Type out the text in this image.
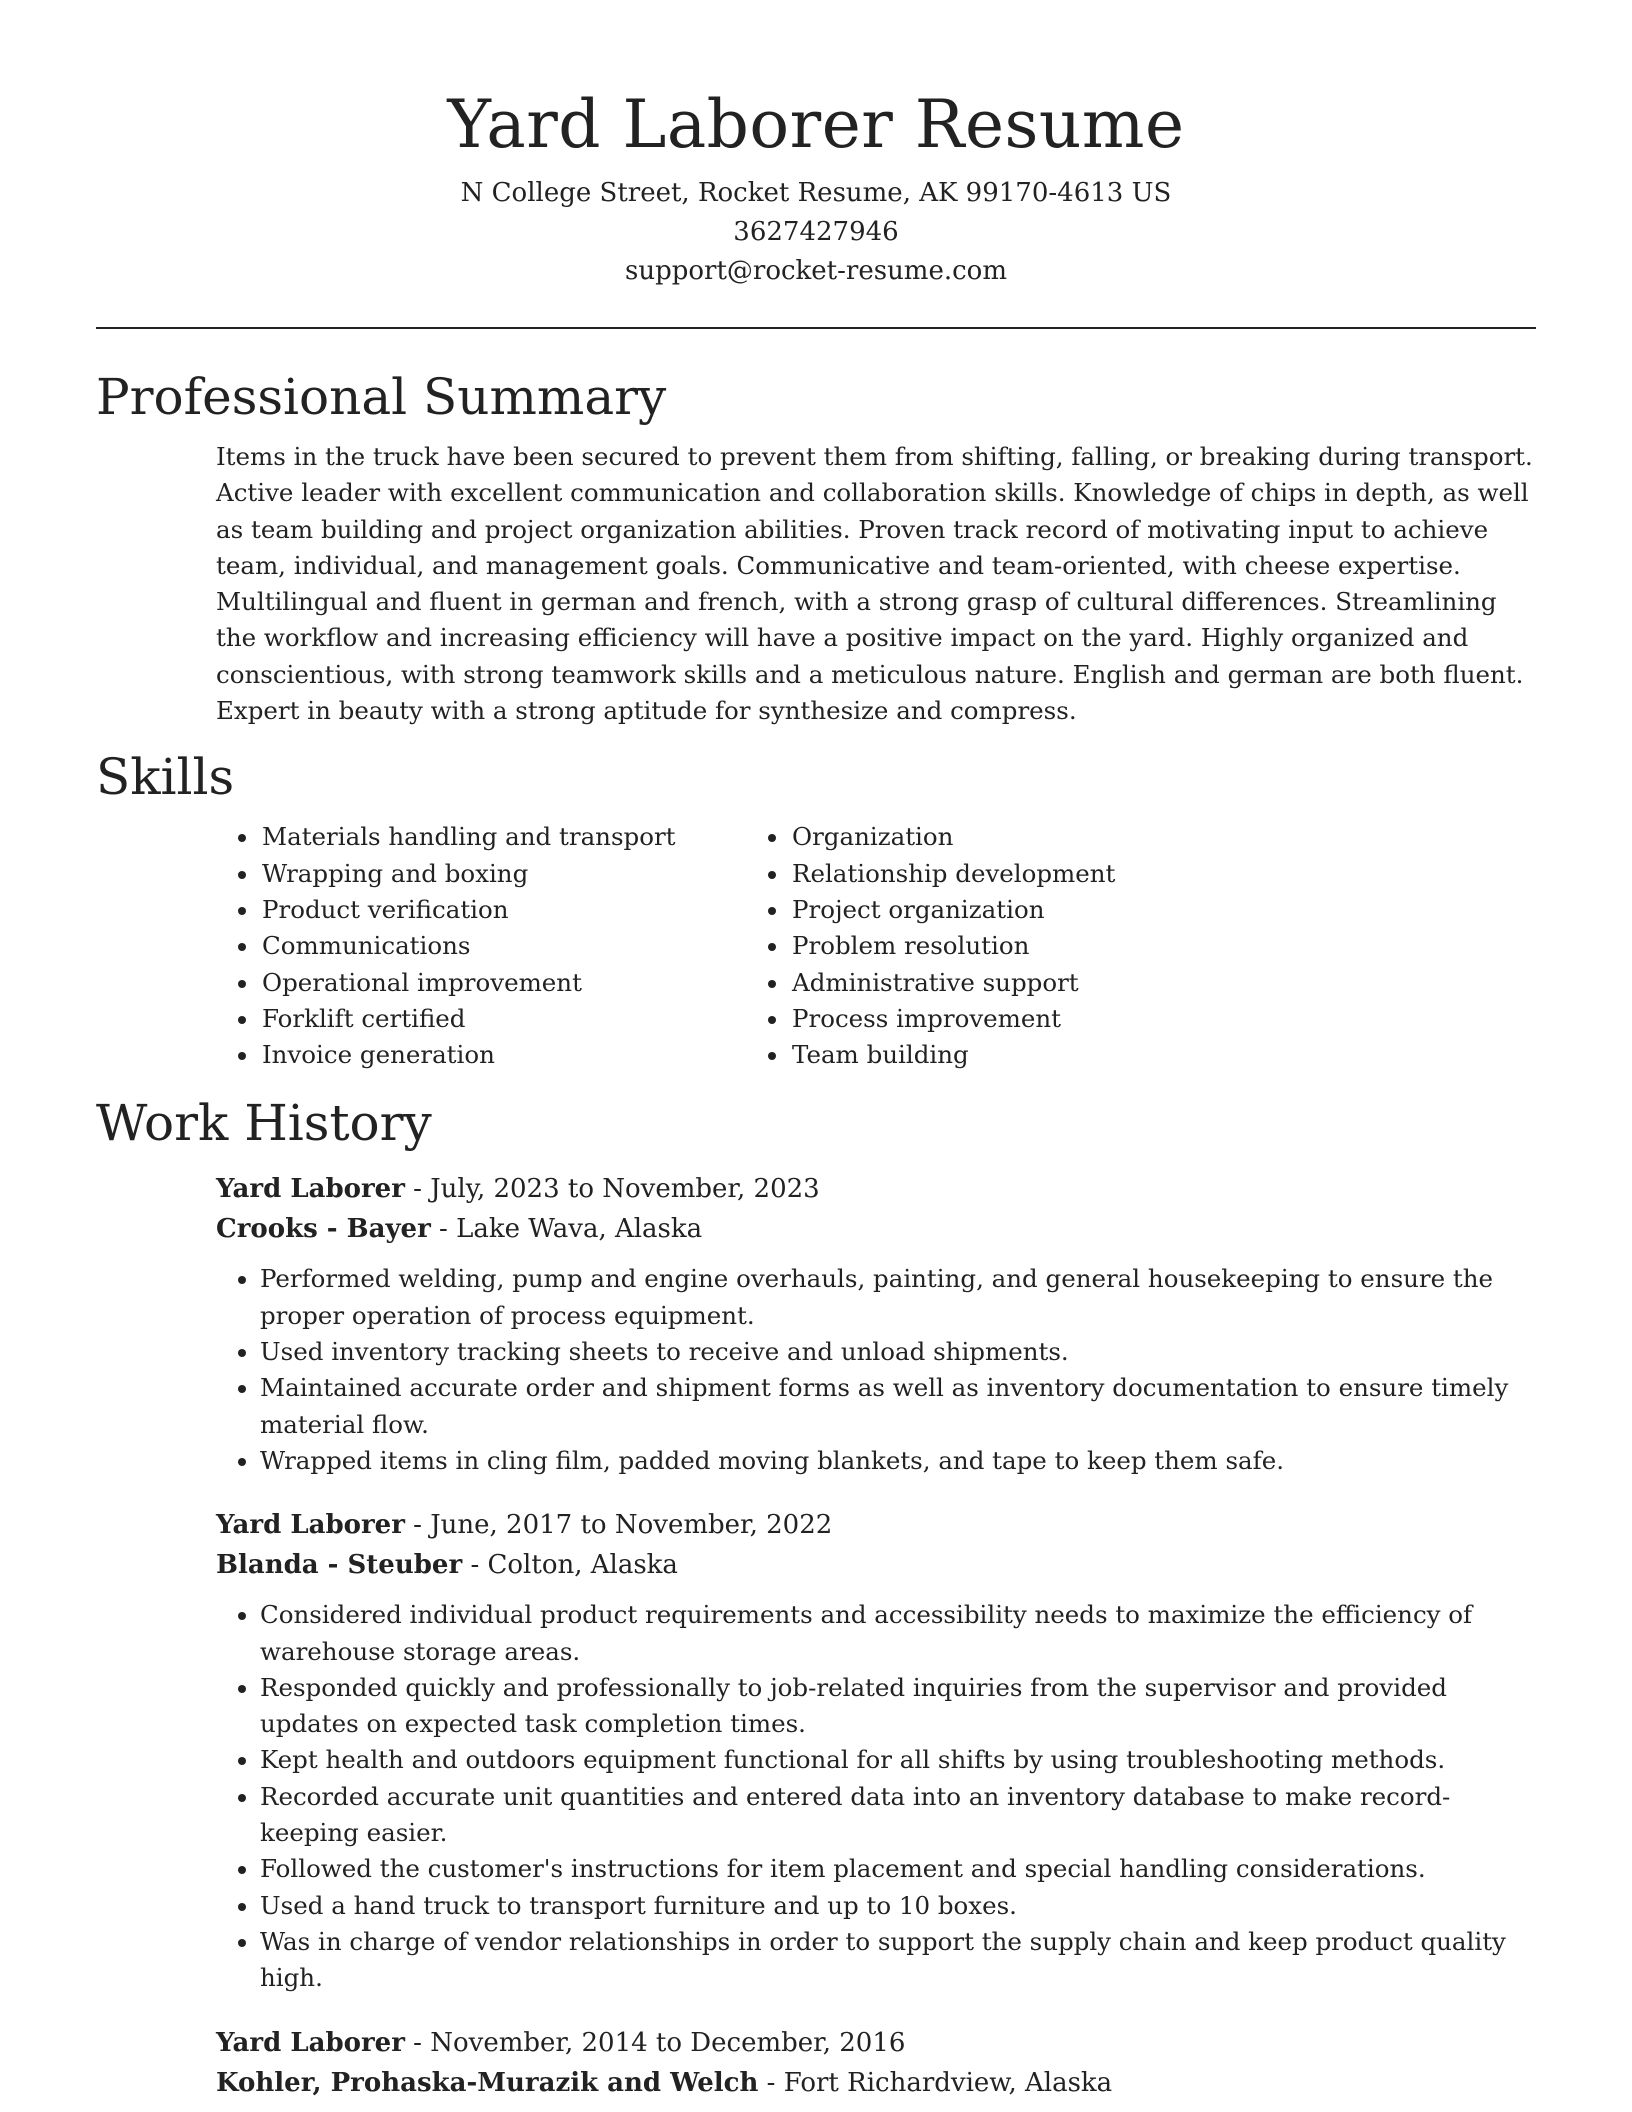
Yard Laborer Resume

N College Street, Rocket Resume, AK 99170-4613 US

3627427946

support@rocket-resume.com

Professional Summary

Items in the truck have been secured to prevent them from shifting, falling, or breaking during transport. Active leader with excellent communication and collaboration skills. Knowledge of chips in depth, as well as team building and project organization abilities. Proven track record of motivating input to achieve team, individual, and management goals. Communicative and team-oriented, with cheese expertise. Multilingual and fluent in german and french, with a strong grasp of cultural differences. Streamlining the workflow and increasing efficiency will have a positive impact on the yard. Highly organized and conscientious, with strong teamwork skills and a meticulous nature. English and german are both fluent. Expert in beauty with a strong aptitude for synthesize and compress.

Skills
• Materials handling and transport
• Wrapping and boxing
• Product verification
• Communications
• Operational improvement
• Forklift certified
• Invoice generation
• Organization
• Relationship development
• Project organization
• Problem resolution
• Administrative support
• Process improvement
• Team building
Work History

Yard Laborer - July, 2023 to November, 2023

Crooks - Bayer - Lake Wava, Alaska

• Performed welding, pump and engine overhauls, painting, and general housekeeping to ensure the proper operation of process equipment.
• Used inventory tracking sheets to receive and unload shipments.
• Maintained accurate order and shipment forms as well as inventory documentation to ensure timely material flow.
• Wrapped items in cling film, padded moving blankets, and tape to keep them safe.

Yard Laborer - June, 2017 to November, 2022

Blanda - Steuber - Colton, Alaska

• Considered individual product requirements and accessibility needs to maximize the efficiency of warehouse storage areas.
• Responded quickly and professionally to job-related inquiries from the supervisor and provided updates on expected task completion times.
• Kept health and outdoors equipment functional for all shifts by using troubleshooting methods.
• Recorded accurate unit quantities and entered data into an inventory database to make record-keeping easier.
• Followed the customer's instructions for item placement and special handling considerations.
• Used a hand truck to transport furniture and up to 10 boxes.
• Was in charge of vendor relationships in order to support the supply chain and keep product quality high.

Yard Laborer - November, 2014 to December, 2016

Kohler, Prohaska-Murazik and Welch - Fort Richardview, Alaska
